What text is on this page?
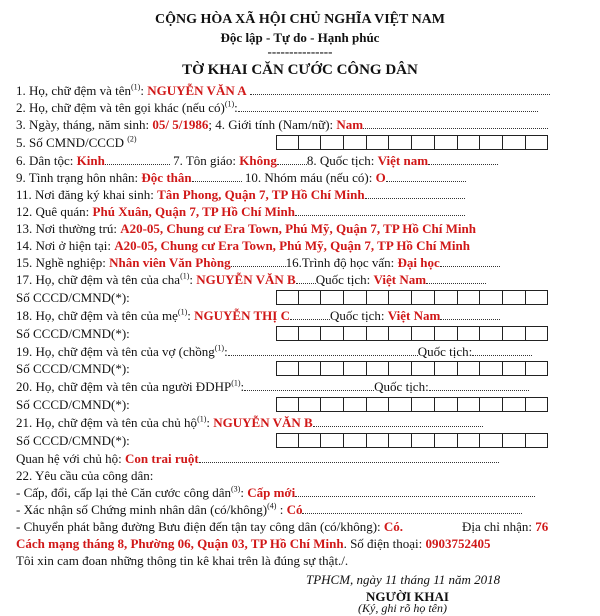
CỘNG HÒA XÃ HỘI CHỦ NGHĨA VIỆT NAM
Độc lập - Tự do - Hạnh phúc
---------------
TỜ KHAI CĂN CƯỚC CÔNG DÂN
1. Họ, chữ đệm và tên$^{(1)}$: NGUYỄN VĂN A
2. Họ, chữ đệm và tên gọi khác (nếu có)$^{(1)}$:
3. Ngày, tháng, năm sinh: 05/ 5/1986; 4. Giới tính (Nam/nữ): Nam
5. Số CMND/CCCD $^{(2)}$
6. Dân tộc: Kinh	7. Tôn giáo: Không 8. Quốc tịch: Việt nam
9. Tình trạng hôn nhân: Độc thân	10. Nhóm máu (nếu có): O
11. Nơi đăng ký khai sinh: Tân Phong, Quận 7, TP Hồ Chí Minh
12. Quê quán: Phú Xuân, Quận 7, TP Hồ Chí Minh
13. Nơi thường trú: A20-05, Chung cư Era Town, Phú Mỹ, Quận 7, TP Hồ Chí Minh
14. Nơi ở hiện tại: A20-05, Chung cư Era Town, Phú Mỹ, Quận 7, TP Hồ Chí Minh
15. Nghề nghiệp: Nhân viên Văn Phòng	16.Trình độ học vấn: Đại học
17. Họ, chữ đệm và tên của cha$^{(1)}$: NGUYỄN VĂN B Quốc tịch: Việt Nam
Số CCCD/CMND(*):
18. Họ, chữ đệm và tên của mẹ$^{(1)}$: NGUYỄN THỊ C	Quốc tịch: Việt Nam
Số CCCD/CMND(*):
19. Họ, chữ đệm và tên của vợ (chồng$^{(1)}$:	Quốc tịch:
Số CCCD/CMND(*):
20. Họ, chữ đệm và tên của người ĐDHP$^{(1)}$:	Quốc tịch:
Số CCCD/CMND(*):
21. Họ, chữ đệm và tên của chủ hộ$^{(1)}$: NGUYỄN VĂN B
Số CCCD/CMND(*):
Quan hệ với chủ hộ: Con trai ruột
22. Yêu cầu của công dân:
- Cấp, đổi, cấp lại thẻ Căn cước công dân$^{(3)}$: Cấp mới
- Xác nhận số Chứng minh nhân dân (có/không)$^{(4)}$ : Có
- Chuyển phát bằng đường Bưu điện đến tận tay công dân (có/không): Có.	Địa chỉ nhận: 76
Cách mạng tháng 8, Phường 06, Quận 03, TP Hồ Chí Minh. Số điện thoại: 0903752405
Tôi xin cam đoan những thông tin kê khai trên là đúng sự thật./.
TPHCM, ngày 11 tháng 11 năm 2018
NGƯỜI KHAI
(Ký, ghi rõ họ tên)
